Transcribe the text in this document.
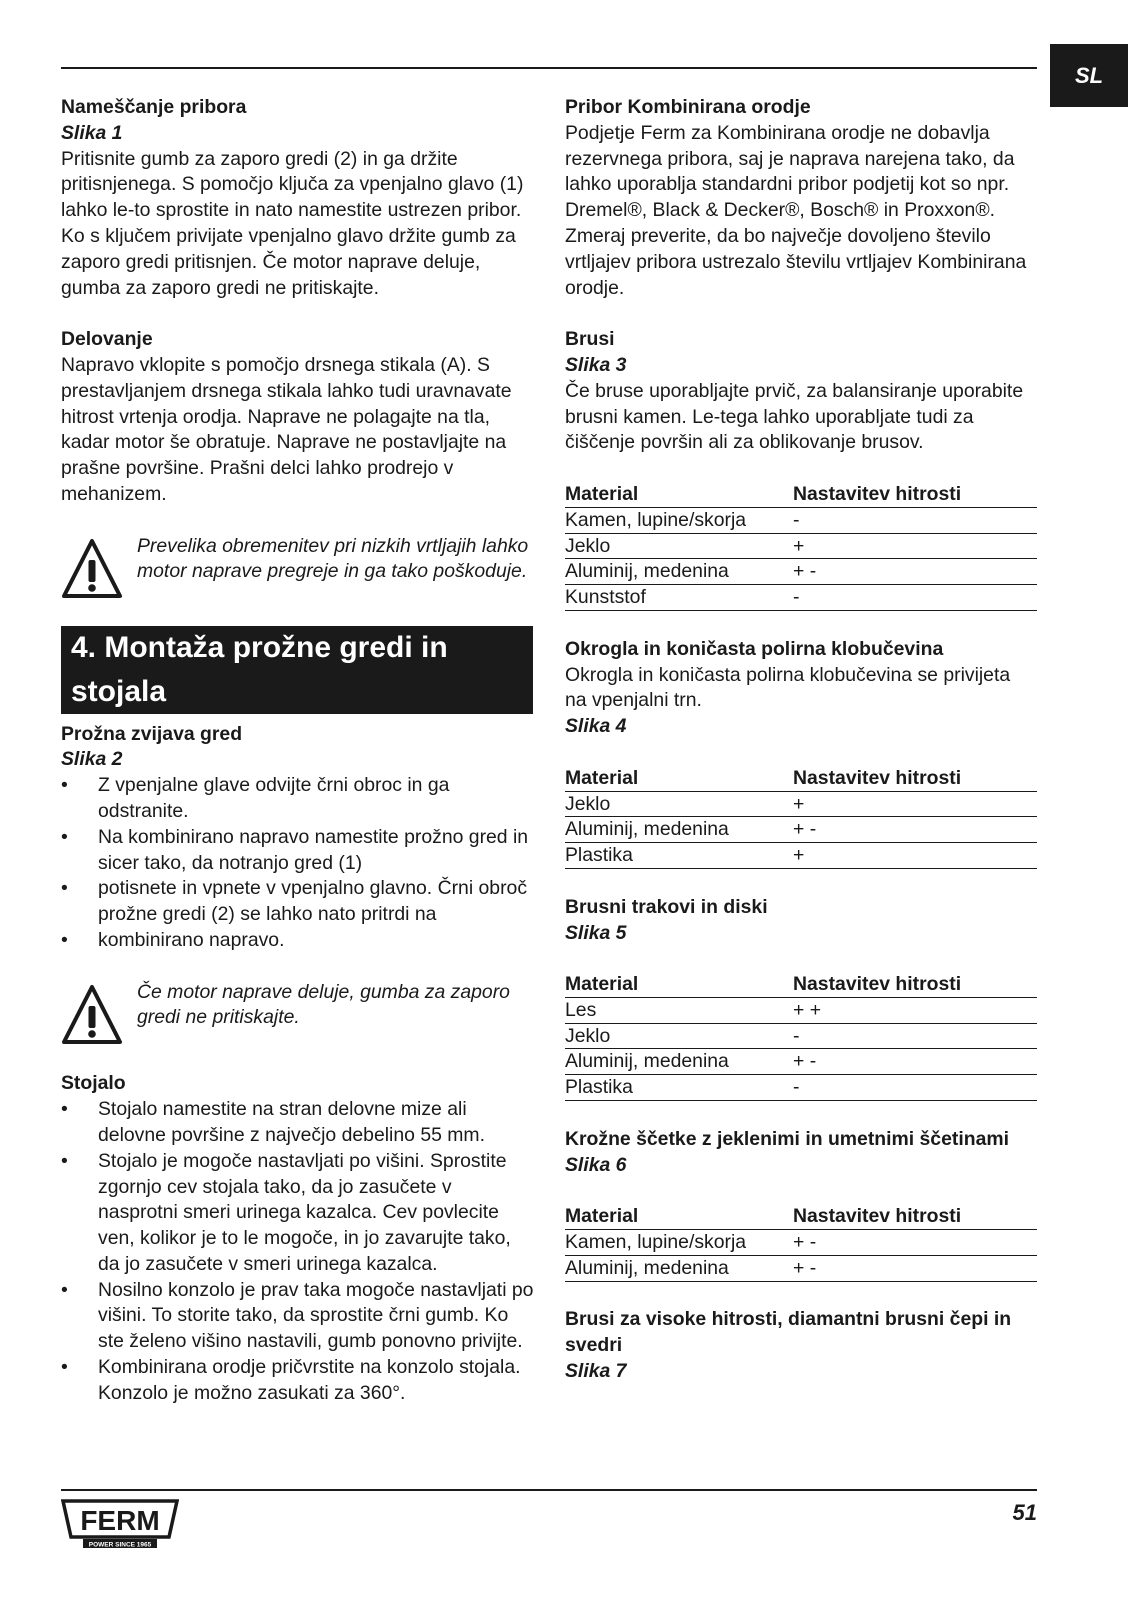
SL

Nameščanje pribora

Slika 1

Pritisnite gumb za zaporo gredi (2) in ga držite pritisnjenega. S pomočjo ključa za vpenjalno glavo (1) lahko le-to sprostite in nato namestite ustrezen pribor. Ko s ključem privijate vpenjalno glavo držite gumb za zaporo gredi pritisnjen. Če motor naprave deluje, gumba za zaporo gredi ne pritiskajte.

Delovanje

Napravo vklopite s pomočjo drsnega stikala (A). S prestavljanjem drsnega stikala lahko tudi uravnavate hitrost vrtenja orodja. Naprave ne polagajte na tla, kadar motor še obratuje. Naprave ne postavljajte na prašne površine. Prašni delci lahko prodrejo v mehanizem.

Prevelika obremenitev pri nizkih vrtljajih lahko motor naprave pregreje in ga tako poškoduje.

4. Montaža prožne gredi in stojala

Prožna zvijava gred

Slika 2

• Z vpenjalne glave odvijte črni obroc in ga odstranite.
• Na kombinirano napravo namestite prožno gred in sicer tako, da notranjo gred (1)
• potisnete in vpnete v vpenjalno glavno. Črni obroč prožne gredi (2) se lahko nato pritrdi na
• kombinirano napravo.

Če motor naprave deluje, gumba za zaporo gredi ne pritiskajte.

Stojalo

• Stojalo namestite na stran delovne mize ali delovne površine z največjo debelino 55 mm.
• Stojalo je mogoče nastavljati po višini. Sprostite zgornjo cev stojala tako, da jo zasučete v nasprotni smeri urinega kazalca. Cev povlecite ven, kolikor je to le mogoče, in jo zavarujte tako, da jo zasučete v smeri urinega kazalca.
• Nosilno konzolo je prav taka mogoče nastavljati po višini. To storite tako, da sprostite črni gumb. Ko ste želeno višino nastavili, gumb ponovno privijte.
• Kombinirana orodje pričvrstite na konzolo stojala. Konzolo je možno zasukati za 360°.

Pribor Kombinirana orodje

Podjetje Ferm za Kombinirana orodje ne dobavlja rezervnega pribora, saj je naprava narejena tako, da lahko uporablja standardni pribor podjetij kot so npr. Dremel®, Black & Decker®, Bosch® in Proxxon®. Zmeraj preverite, da bo največje dovoljeno število vrtljajev pribora ustrezalo številu vrtljajev Kombinirana orodje.

Brusi

Slika 3

Če bruse uporabljajte prvič, za balansiranje uporabite brusni kamen. Le-tega lahko uporabljate tudi za čiščenje površin ali za oblikovanje brusov.

Material	Nastavitev hitrosti
Kamen, lupine/skorja	-
Jeklo	+
Aluminij, medenina	+ -
Kunststof	-

Okrogla in koničasta polirna klobučevina

Okrogla in koničasta polirna klobučevina se privijeta na vpenjalni trn.

Slika 4

Material	Nastavitev hitrosti
Jeklo	+
Aluminij, medenina	+ -
Plastika	+

Brusni trakovi in diski

Slika 5

Material	Nastavitev hitrosti
Les	+ +
Jeklo	-
Aluminij, medenina	+ -
Plastika	-

Krožne ščetke z jeklenimi in umetnimi ščetinami

Slika 6

Material	Nastavitev hitrosti
Kamen, lupine/skorja	+ -
Aluminij, medenina	+ -

Brusi za visoke hitrosti, diamantni brusni čepi in svedri

Slika 7

FERM
POWER SINCE 1965
51
